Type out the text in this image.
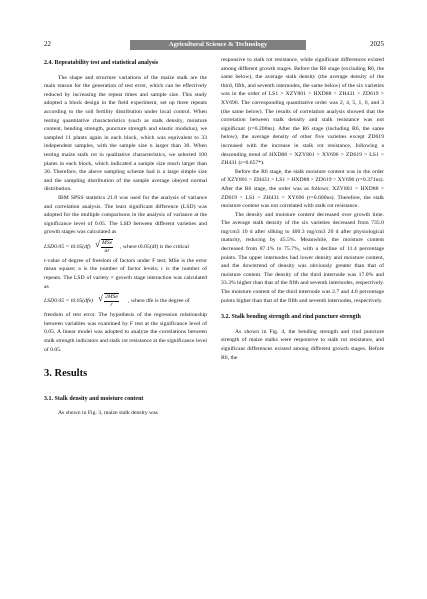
22	Agricultural Science & Technology	2025
2.4. Repeatability test and statistical analysis

The shape and structure variations of the maize stalk are the main reason for the generation of test error, which can be effectively reduced by increasing the repeat times and sample size. This study adopted a block design in the field experiment, set up three repeats according to the soil fertility distribution under local control. When testing quantitative characteristics (such as stalk density, moisture content, bending strength, puncture strength and elastic modulus), we sampled 11 plants again in each block, which was equivalent to 33 independent samples, with the sample size n larger than 30. When testing maize stalk rot in qualitative characteristics, we selected 100 plants in each block, which indicated a sample size much larger than 30. Therefore, the above sampling scheme had is a large simple size and the sampling distribution of the sample average obeyed normal distribution.

IBM SPSS statistics 21.0 was used for the analysis of variance and correlation analysis. The least significant difference (LSD) was adopted for the multiple comparisons in the analysis of variance at the significance level of 0.05. The LSD between different varieties and growth stages was calculated as

LSD0.05 = t0.05(df) √ MSe
ar
, where t0.05(df) is the critical

t-value of degree of freedom of factors under F test; MSe is the error mean square; a is the number of factor levels; r is the number of repeats. The LSD of variety × growth stage interaction was calculated as

LSD0.05 = t0.05(dfe) √ 2MSe
r
, where dfe is the degree of

freedom of test error. The hypothesis of the regression relationship between variables was examined by F test at the significance level of 0.05. A linear model was adopted to analyze the correlations between stalk strength indicators and stalk rot resistance at the significance level of 0.05.

3. Results
3.1. Stalk density and moisture content

As shown in Fig. 3, maize stalk density was

responsive to stalk rot resistance, while significant differences existed among different growth stages. Before the R6 stage (excluding R6, the same below), the average stalk density (the average density of the third, fifth, and seventh internodes, the same below) of the six varieties was in the order of LS1 > XZY801 > HXD88 > ZH431 > ZD619 > XY696. The corresponding quantitative order was 2, 4, 5, 1, 6, and 3 (the same below). The results of correlation analysis showed that the correlation between stalk density and stalk resistance was not significant (r=0.200ns). After the R6 stage (including R6, the same below), the average density of other five varieties except ZD619 increased with the increase in stalk rot resistance, following a descending trend of HXD88 > XZY801 > XY696 > ZD619 > LS1 > ZH431 (r=0.657*).

Before the R6 stage, the stalk moisture content was in the order of XZY801 > ZH431 > LS1 > HXD88 > ZD619 > XY696 (r=0.371ns). After the R6 stage, the order was as follows: XZY801 > HXD88 > ZD619 > LS1 > ZH431 > XY696 (r=0.600ns). Therefore, the stalk moisture content was not correlated with stalk rot resistance.

The density and moisture content decreased over growth time. The average stalk density of the six varieties decreased from 735.0 mg/cm3 10 d after silking to 400.3 mg/cm3 20 d after physiological maturity, reducing by 45.5%. Meanwhile, the moisture content decreased from 87.1% to 75.7%, with a decline of 11.4 percentage points. The upper internodes had lower density and moisture content, and the downtrend of density was obviously greater than that of moisture content. The density of the third internode was 17.0% and 33.3% higher than that of the fifth and seventh internodes, respectively. The moisture content of the third internode was 2.7 and 4.6 percentage points higher than that of the fifth and seventh internodes, respectively.

3.2. Stalk bending strength and rind puncture strength

As shown in Fig. 4, the bending strength and rind puncture strength of maize stalks were responsive to stalk rot resistance, and significant differences existed among different growth stages. Before R6, the
